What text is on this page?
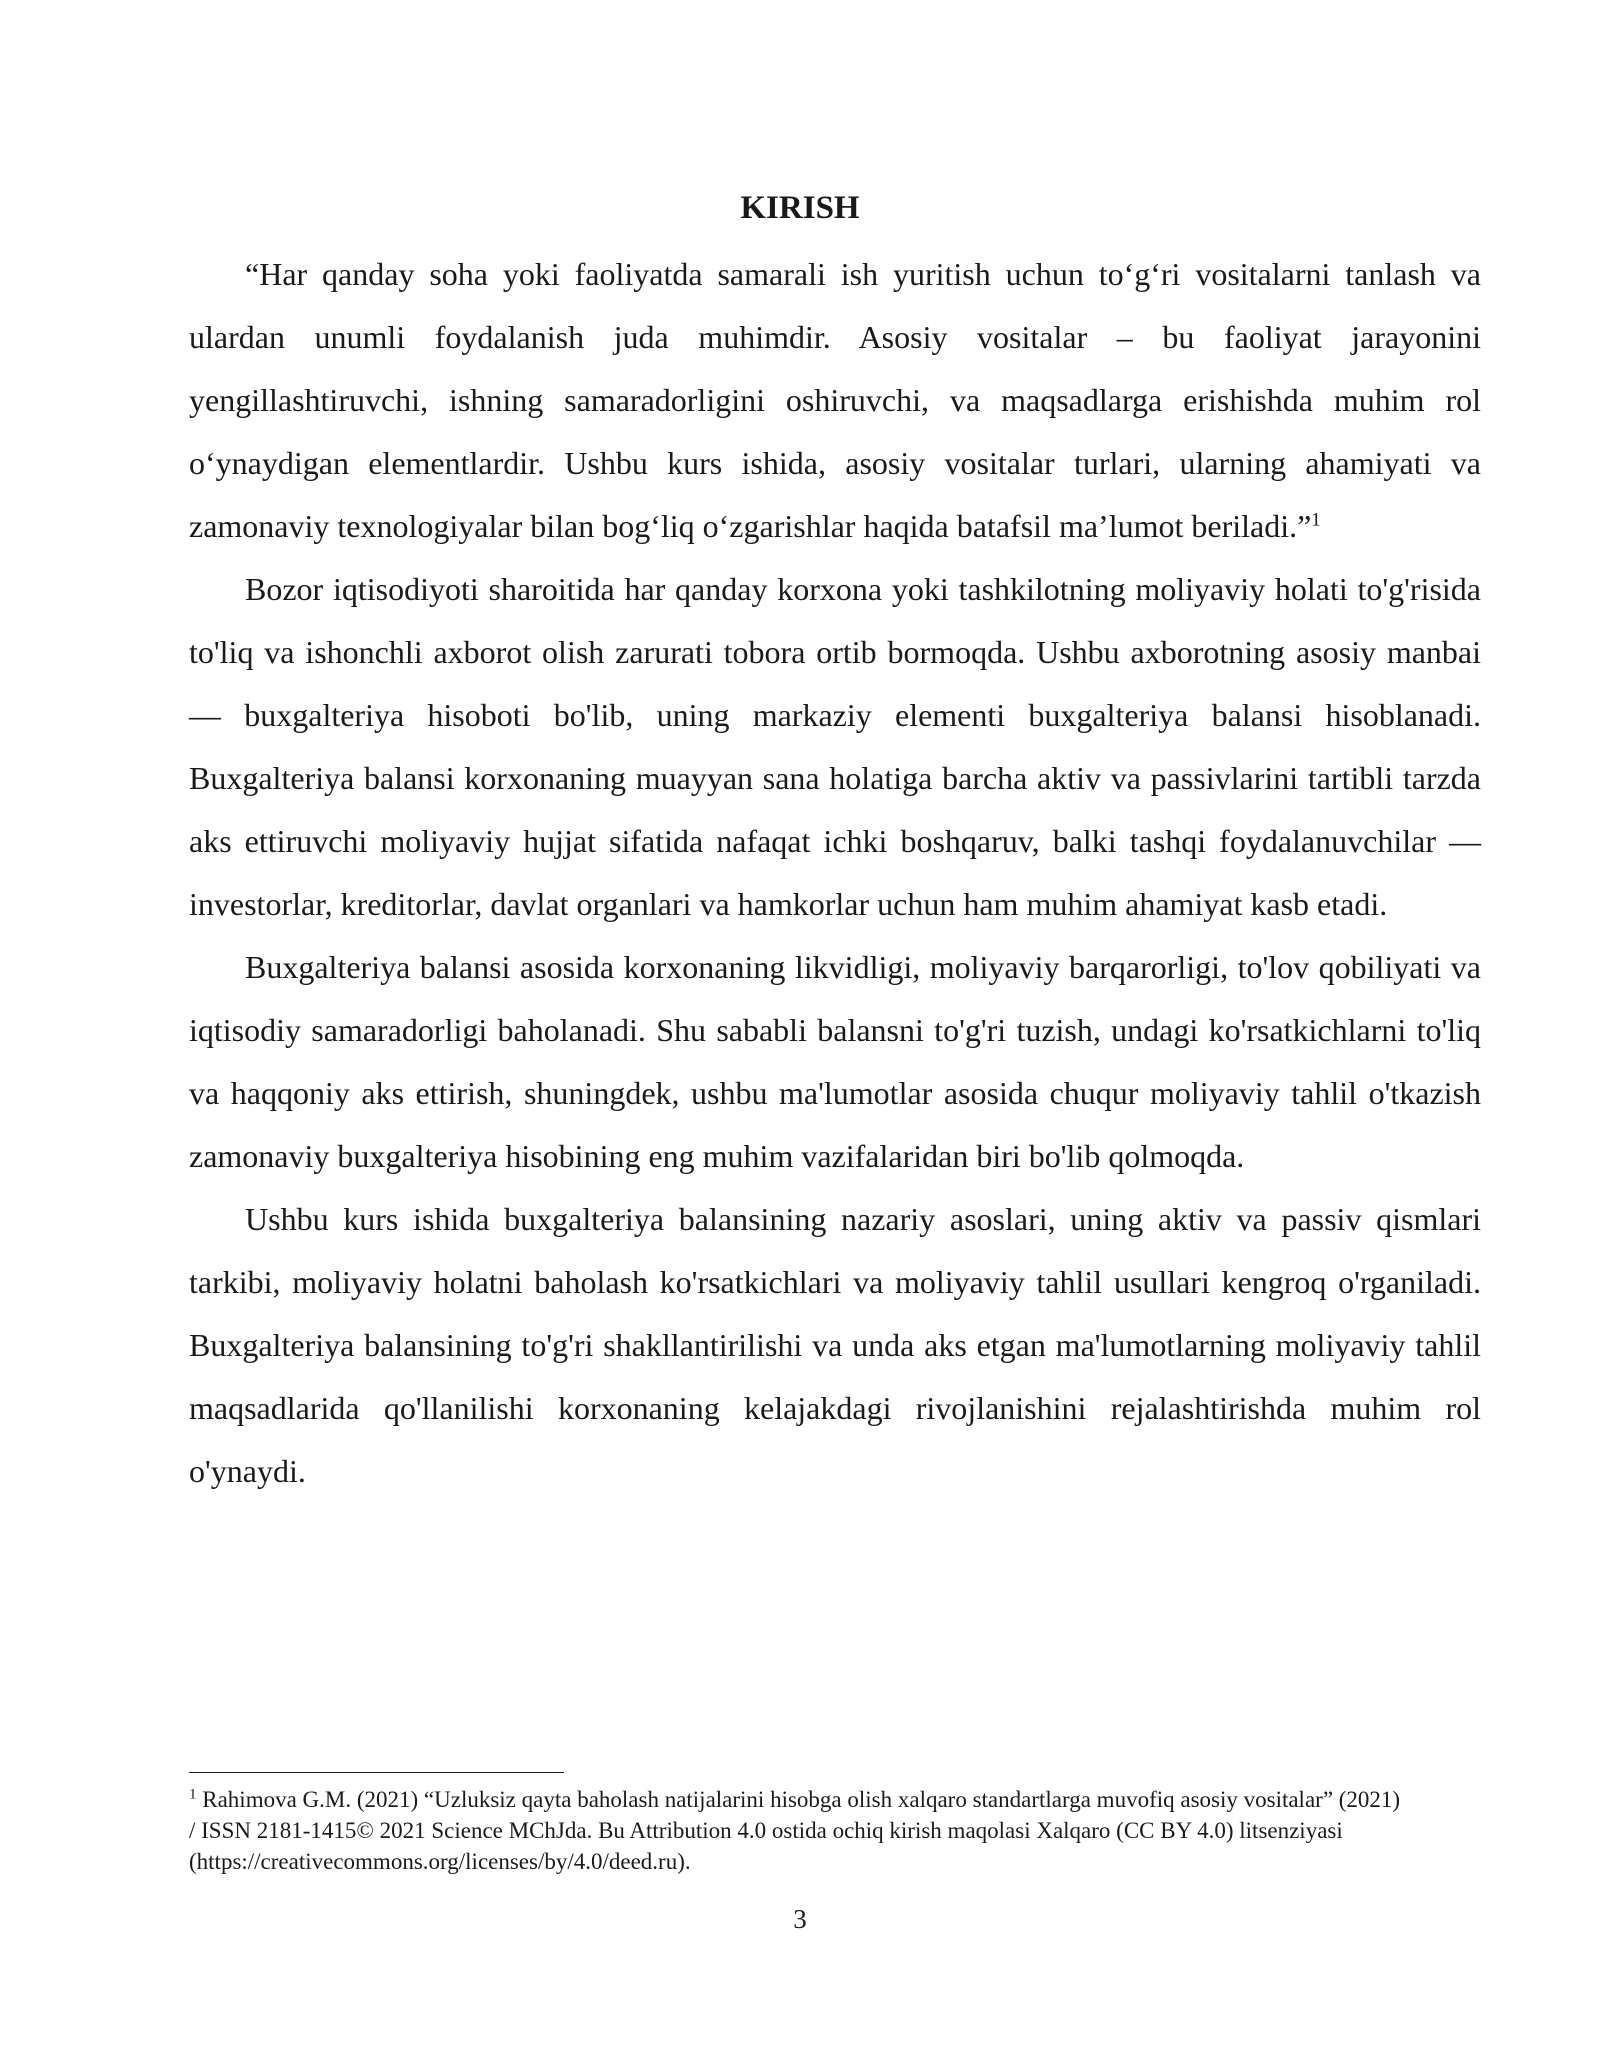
KIRISH

“Har qanday soha yoki faoliyatda samarali ish yuritish uchun to‘g‘ri vositalarni tanlash va ulardan unumli foydalanish juda muhimdir. Asosiy vositalar – bu faoliyat jarayonini yengillashtiruvchi, ishning samaradorligini oshiruvchi, va maqsadlarga erishishda muhim rol o‘ynaydigan elementlardir. Ushbu kurs ishida, asosiy vositalar turlari, ularning ahamiyati va zamonaviy texnologiyalar bilan bog‘liq o‘zgarishlar haqida batafsil ma’lumot beriladi.”$^1$

Bozor iqtisodiyoti sharoitida har qanday korxona yoki tashkilotning moliyaviy holati to'g'risida to'liq va ishonchli axborot olish zarurati tobora ortib bormoqda. Ushbu axborotning asosiy manbai — buxgalteriya hisoboti bo'lib, uning markaziy elementi buxgalteriya balansi hisoblanadi. Buxgalteriya balansi korxonaning muayyan sana holatiga barcha aktiv va passivlarini tartibli tarzda aks ettiruvchi moliyaviy hujjat sifatida nafaqat ichki boshqaruv, balki tashqi foydalanuvchilar — investorlar, kreditorlar, davlat organlari va hamkorlar uchun ham muhim ahamiyat kasb etadi.

Buxgalteriya balansi asosida korxonaning likvidligi, moliyaviy barqarorligi, to'lov qobiliyati va iqtisodiy samaradorligi baholanadi. Shu sababli balansni to'g'ri tuzish, undagi ko'rsatkichlarni to'liq va haqqoniy aks ettirish, shuningdek, ushbu ma'lumotlar asosida chuqur moliyaviy tahlil o'tkazish zamonaviy buxgalteriya hisobining eng muhim vazifalaridan biri bo'lib qolmoqda.

Ushbu kurs ishida buxgalteriya balansining nazariy asoslari, uning aktiv va passiv qismlari tarkibi, moliyaviy holatni baholash ko'rsatkichlari va moliyaviy tahlil usullari kengroq o'rganiladi. Buxgalteriya balansining to'g'ri shakllantirilishi va unda aks etgan ma'lumotlarning moliyaviy tahlil maqsadlarida qo'llanilishi korxonaning kelajakdagi rivojlanishini rejalashtirishda muhim rol o'ynaydi.

$^1$ Rahimova G.M. (2021) “Uzluksiz qayta baholash natijalarini hisobga olish xalqaro standartlarga muvofiq asosiy vositalar” (2021) / ISSN 2181-1415© 2021 Science MChJda. Bu Attribution 4.0 ostida ochiq kirish maqolasi Xalqaro (CC BY 4.0) litsenziyasi (https://creativecommons.org/licenses/by/4.0/deed.ru).

3
